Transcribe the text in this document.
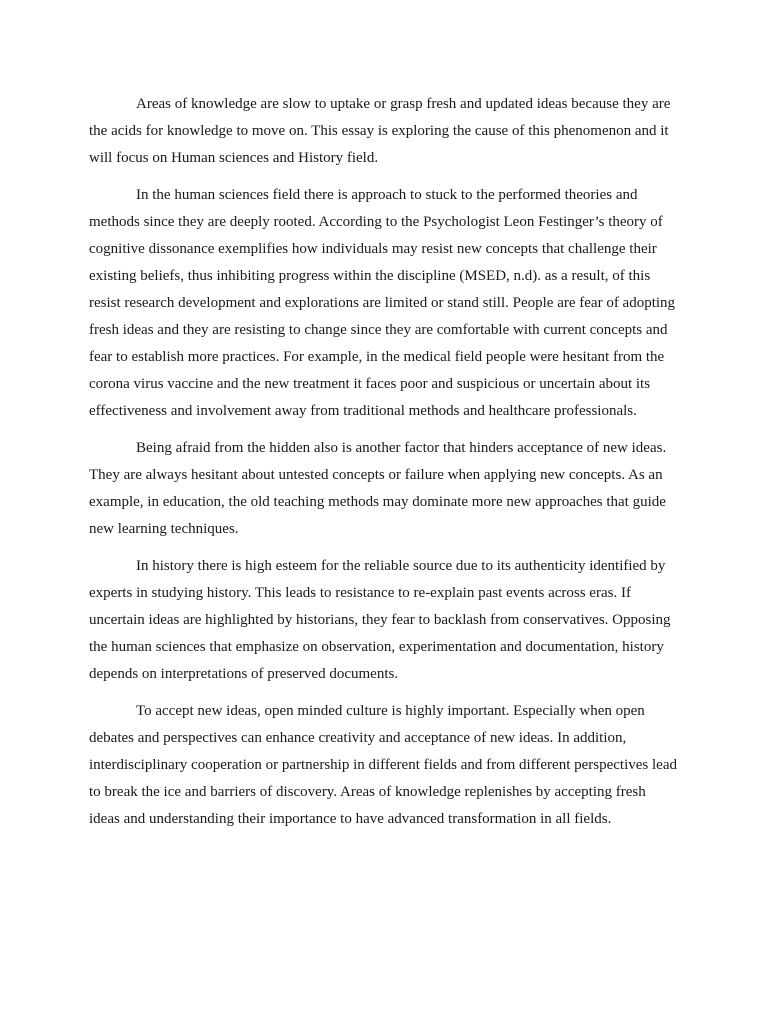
Areas of knowledge are slow to uptake or grasp fresh and updated ideas because they are the acids for knowledge to move on. This essay is exploring the cause of this phenomenon and it will focus on Human sciences and History field.

In the human sciences field there is approach to stuck to the performed theories and methods since they are deeply rooted. According to the Psychologist Leon Festinger’s theory of cognitive dissonance exemplifies how individuals may resist new concepts that challenge their existing beliefs, thus inhibiting progress within the discipline (MSED, n.d). as a result, of this resist research development and explorations are limited or stand still. People are fear of adopting fresh ideas and they are resisting to change since they are comfortable with current concepts and fear to establish more practices. For example, in the medical field people were hesitant from the corona virus vaccine and the new treatment it faces poor and suspicious or uncertain about its effectiveness and involvement away from traditional methods and healthcare professionals.

Being afraid from the hidden also is another factor that hinders acceptance of new ideas. They are always hesitant about untested concepts or failure when applying new concepts. As an example, in education, the old teaching methods may dominate more new approaches that guide new learning techniques.

In history there is high esteem for the reliable source due to its authenticity identified by experts in studying history. This leads to resistance to re-explain past events across eras. If uncertain ideas are highlighted by historians, they fear to backlash from conservatives. Opposing the human sciences that emphasize on observation, experimentation and documentation, history depends on interpretations of preserved documents.

To accept new ideas, open minded culture is highly important. Especially when open debates and perspectives can enhance creativity and acceptance of new ideas. In addition, interdisciplinary cooperation or partnership in different fields and from different perspectives lead to break the ice and barriers of discovery. Areas of knowledge replenishes by accepting fresh ideas and understanding their importance to have advanced transformation in all fields.
